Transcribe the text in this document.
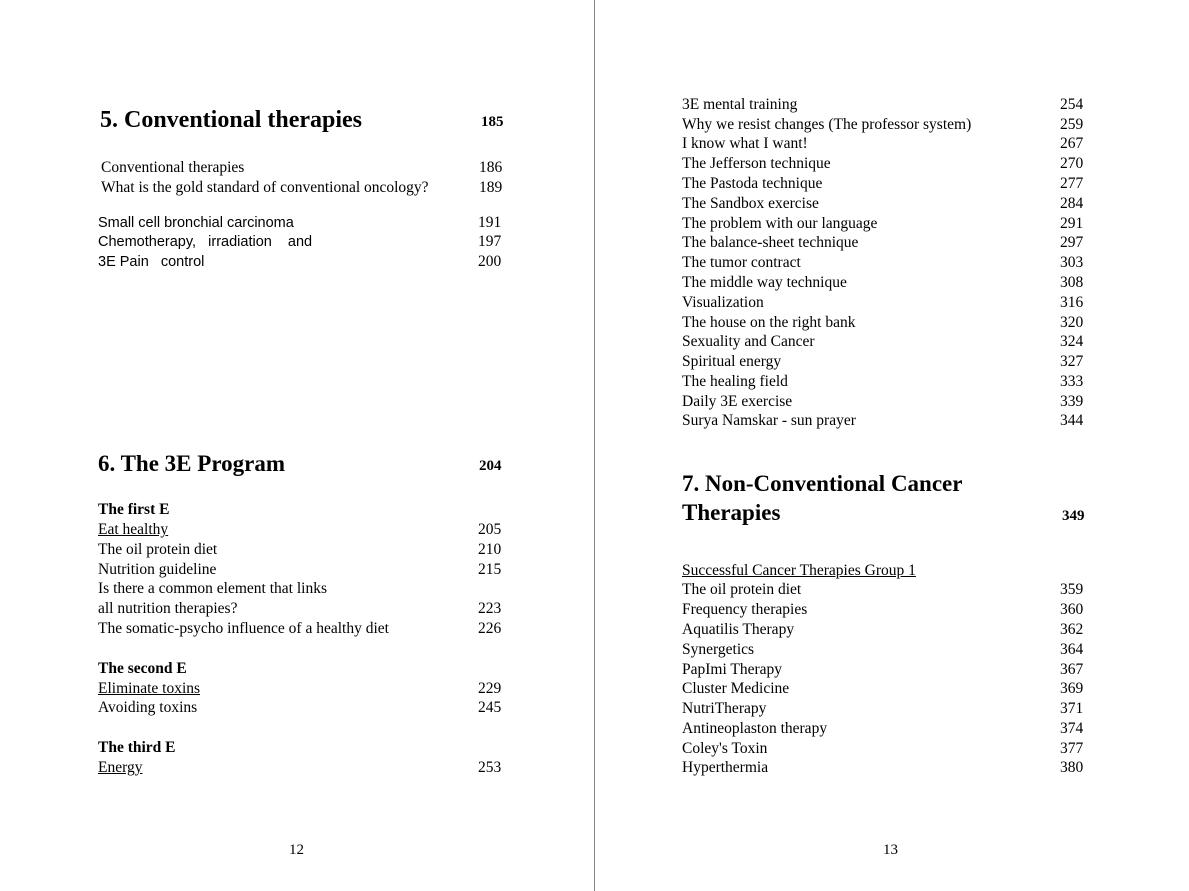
5. Conventional therapies	185
Conventional therapies	186
What is the gold standard of conventional oncology?	189
Small cell bronchial carcinoma	191
Chemotherapy,   irradiation    and	197
3E Pain   control	200
6. The 3E Program	204
The first E
Eat healthy	205
The oil protein diet	210
Nutrition guideline	215
Is there a common element that links
all nutrition therapies?	223
The somatic-psycho influence of a healthy diet	226
The second E
Eliminate toxins	229
Avoiding toxins	245
The third E
Energy	253
12
3E mental training	254
Why we resist changes (The professor system)	259
I know what I want!	267
The Jefferson technique	270
The Pastoda technique	277
The Sandbox exercise	284
The problem with our language	291
The balance-sheet technique	297
The tumor contract	303
The middle way technique	308
Visualization	316
The house on the right bank	320
Sexuality and Cancer	324
Spiritual energy	327
The healing field	333
Daily 3E exercise	339
Surya Namskar - sun prayer	344
7. Non-Conventional Cancer
Therapies	349
Successful Cancer Therapies Group 1
The oil protein diet	359
Frequency therapies	360
Aquatilis Therapy	362
Synergetics	364
PapImi Therapy	367
Cluster Medicine	369
NutriTherapy	371
Antineoplaston therapy	374
Coley's Toxin	377
Hyperthermia	380
13
